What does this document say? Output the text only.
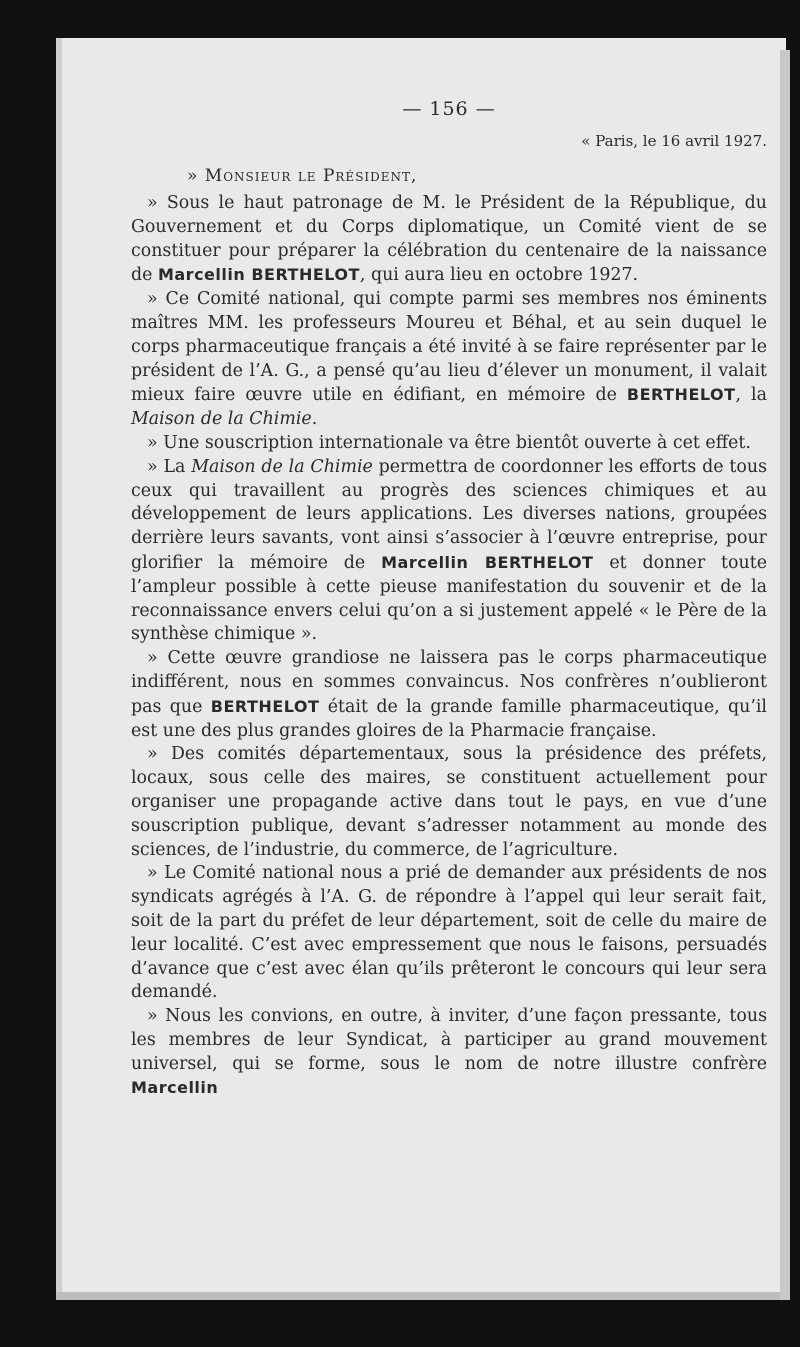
— 156 —
« Paris, le 16 avril 1927.
» Monsieur le Président,

» Sous le haut patronage de M. le Président de la République, du Gouvernement et du Corps diplomatique, un Comité vient de se constituer pour préparer la célébration du centenaire de la naissance de Marcellin BERTHELOT, qui aura lieu en octobre 1927.

» Ce Comité national, qui compte parmi ses membres nos éminents maîtres MM. les professeurs Moureu et Béhal, et au sein duquel le corps pharmaceutique français a été invité à se faire représenter par le président de l’A. G., a pensé qu’au lieu d’élever un monument, il valait mieux faire œuvre utile en édifiant, en mémoire de BERTHELOT, la Maison de la Chimie.

» Une souscription internationale va être bientôt ouverte à cet effet.

» La Maison de la Chimie permettra de coordonner les efforts de tous ceux qui travaillent au progrès des sciences chimiques et au développement de leurs applications. Les diverses nations, groupées derrière leurs savants, vont ainsi s’associer à l’œuvre entreprise, pour glorifier la mémoire de Marcellin BERTHELOT et donner toute l’ampleur possible à cette pieuse manifestation du souvenir et de la reconnaissance envers celui qu’on a si justement appelé « le Père de la synthèse chimique ».

» Cette œuvre grandiose ne laissera pas le corps pharmaceutique indifférent, nous en sommes convaincus. Nos confrères n’oublieront pas que BERTHELOT était de la grande famille pharmaceutique, qu’il est une des plus grandes gloires de la Pharmacie française.

» Des comités départementaux, sous la présidence des préfets, locaux, sous celle des maires, se constituent actuellement pour organiser une propagande active dans tout le pays, en vue d’une souscription publique, devant s’adresser notamment au monde des sciences, de l’industrie, du commerce, de l’agriculture.

» Le Comité national nous a prié de demander aux présidents de nos syndicats agrégés à l’A. G. de répondre à l’appel qui leur serait fait, soit de la part du préfet de leur département, soit de celle du maire de leur localité. C’est avec empressement que nous le faisons, persuadés d’avance que c’est avec élan qu’ils prêteront le concours qui leur sera demandé.

» Nous les convions, en outre, à inviter, d’une façon pressante, tous les membres de leur Syndicat, à participer au grand mouvement universel, qui se forme, sous le nom de notre illustre confrère Marcellin
